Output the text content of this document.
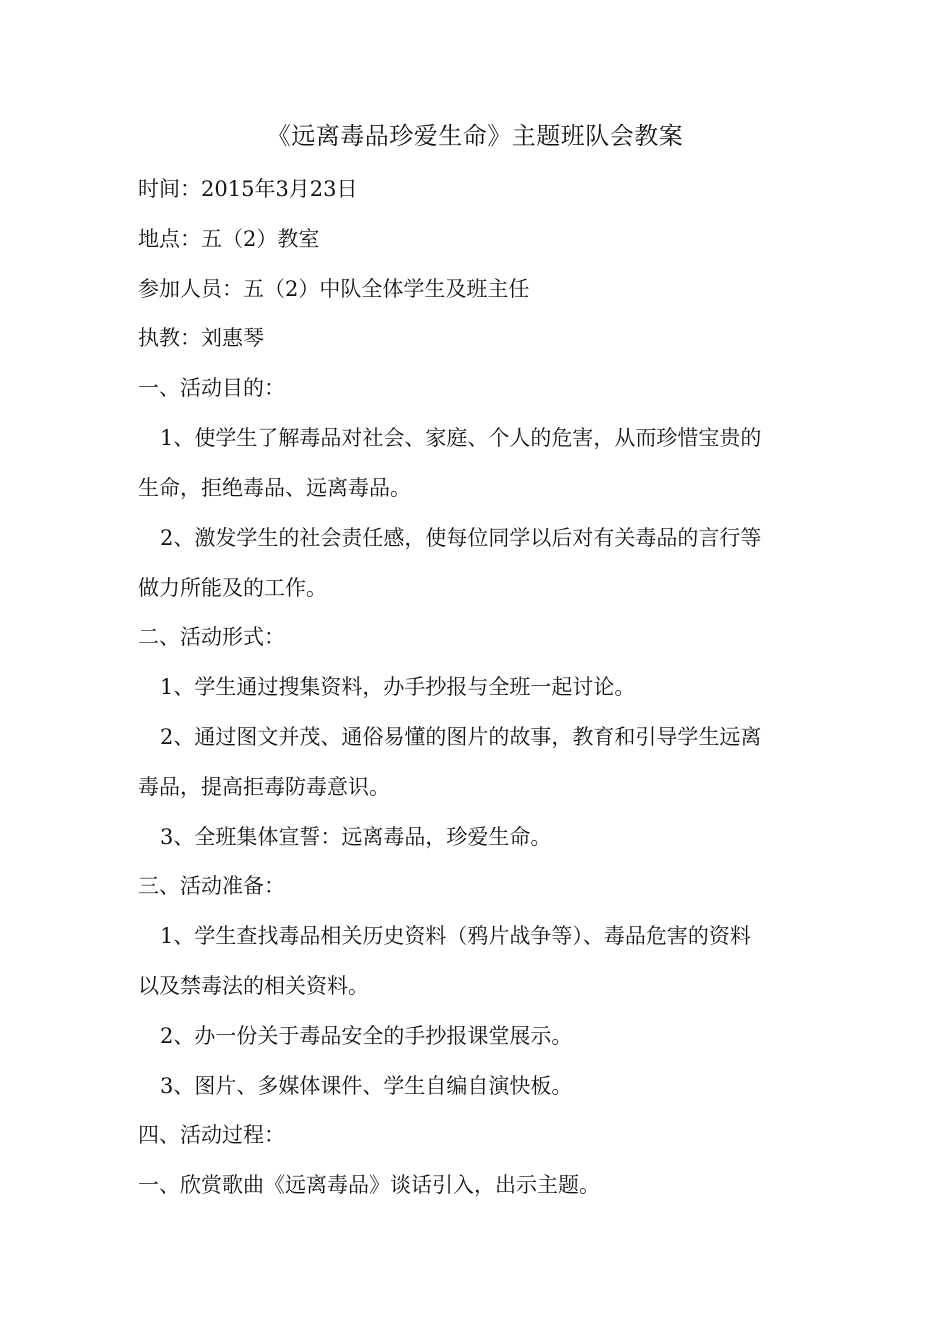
《远离毒品珍爱生命》主题班队会教案
时间：2015年3月23日
地点：五（2）教室
参加人员：五（2）中队全体学生及班主任
执教：刘惠琴
一、活动目的：
1、使学生了解毒品对社会、家庭、个人的危害，从而珍惜宝贵的
生命，拒绝毒品、远离毒品。
2、激发学生的社会责任感，使每位同学以后对有关毒品的言行等
做力所能及的工作。
二、活动形式：
1、学生通过搜集资料，办手抄报与全班一起讨论。
2、通过图文并茂、通俗易懂的图片的故事，教育和引导学生远离
毒品，提高拒毒防毒意识。
3、全班集体宣誓：远离毒品，珍爱生命。
三、活动准备：
1、学生查找毒品相关历史资料（鸦片战争等）、毒品危害的资料
以及禁毒法的相关资料。
2、办一份关于毒品安全的手抄报课堂展示。
3、图片、多媒体课件、学生自编自演快板。
四、活动过程：
一、欣赏歌曲《远离毒品》谈话引入，出示主题。
